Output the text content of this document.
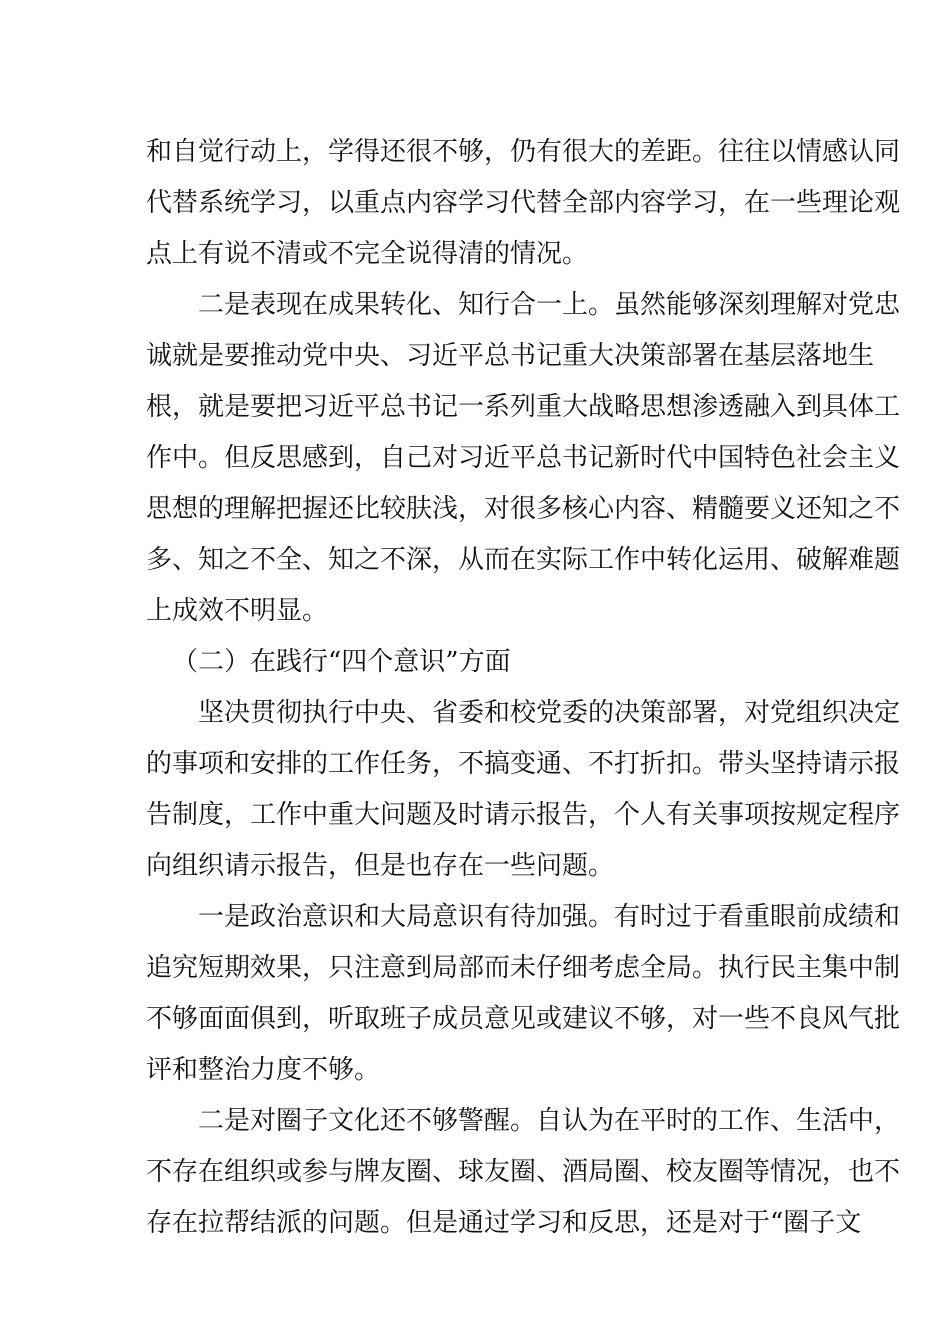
和自觉行动上，学得还很不够，仍有很大的差距。往往以情感认同
代替系统学习，以重点内容学习代替全部内容学习，在一些理论观
点上有说不清或不完全说得清的情况。
二是表现在成果转化、知行合一上。虽然能够深刻理解对党忠
诚就是要推动党中央、习近平总书记重大决策部署在基层落地生
根，就是要把习近平总书记一系列重大战略思想渗透融入到具体工
作中。但反思感到，自己对习近平总书记新时代中国特色社会主义
思想的理解把握还比较肤浅，对很多核心内容、精髓要义还知之不
多、知之不全、知之不深，从而在实际工作中转化运用、破解难题
上成效不明显。
（二）在践行“四个意识”方面
坚决贯彻执行中央、省委和校党委的决策部署，对党组织决定
的事项和安排的工作任务，不搞变通、不打折扣。带头坚持请示报
告制度，工作中重大问题及时请示报告，个人有关事项按规定程序
向组织请示报告，但是也存在一些问题。
一是政治意识和大局意识有待加强。有时过于看重眼前成绩和
追究短期效果，只注意到局部而未仔细考虑全局。执行民主集中制
不够面面俱到，听取班子成员意见或建议不够，对一些不良风气批
评和整治力度不够。
二是对圈子文化还不够警醒。自认为在平时的工作、生活中，
不存在组织或参与牌友圈、球友圈、酒局圈、校友圈等情况，也不
存在拉帮结派的问题。但是通过学习和反思，还是对于“圈子文
